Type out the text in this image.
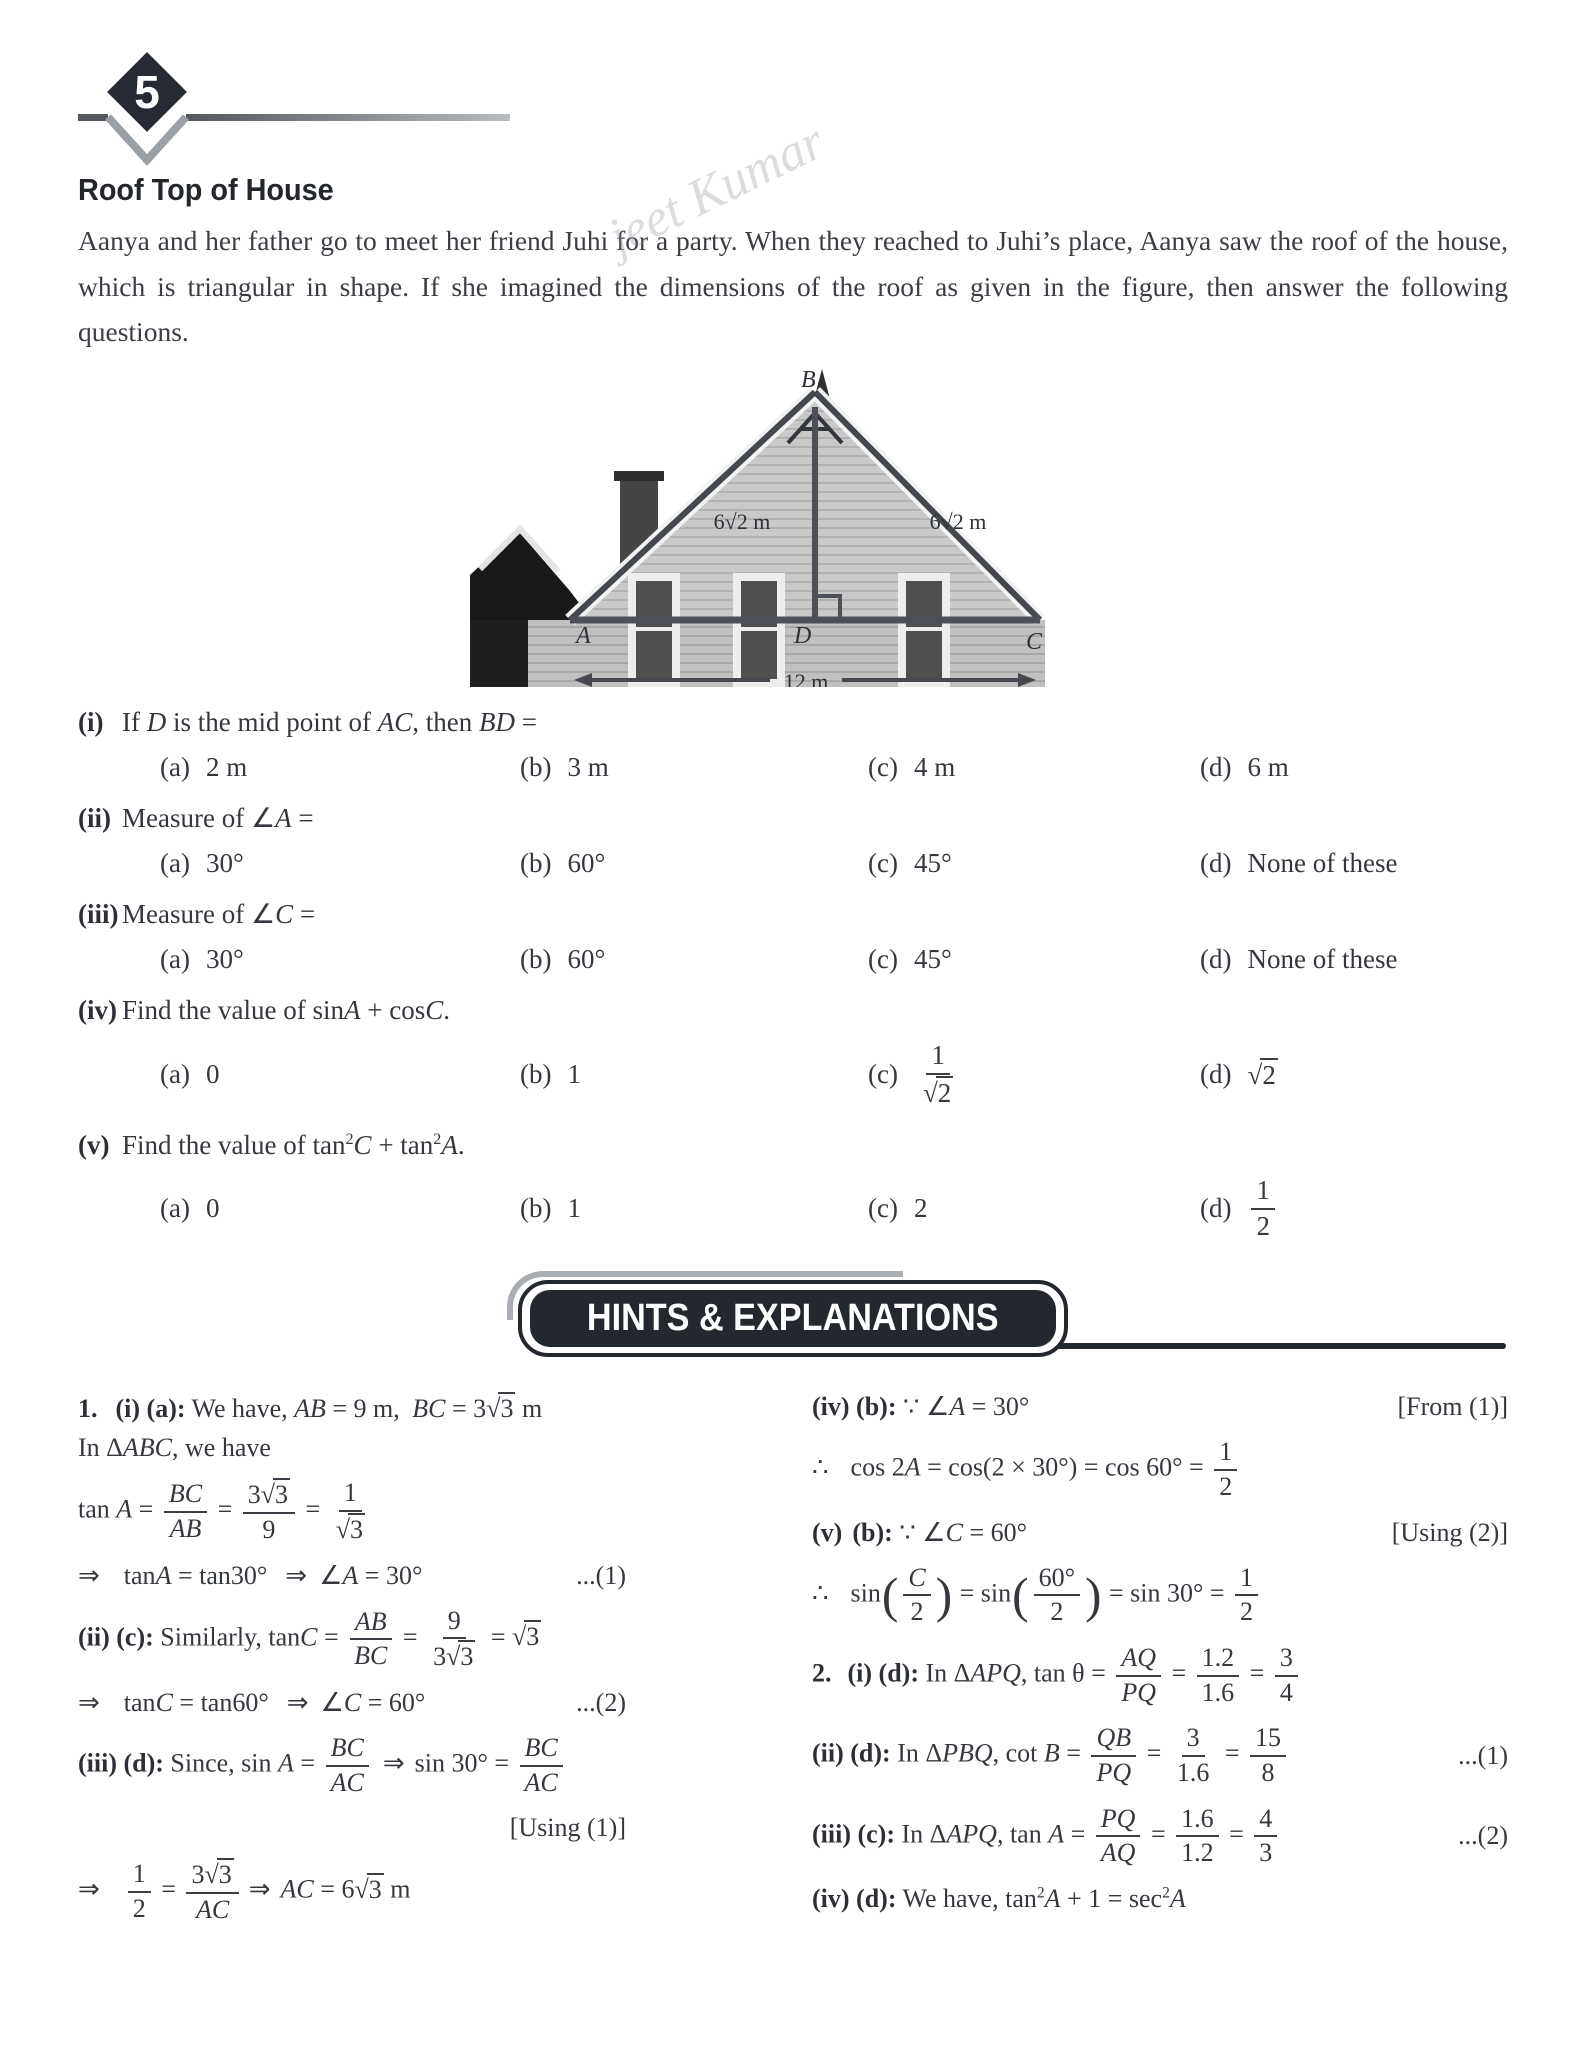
5
Roof Top of House

Aanya and her father go to meet her friend Juhi for a party. When they reached to Juhi’s place, Aanya saw the roof of the house, which is triangular in shape. If she imagined the dimensions of the roof as given in the figure, then answer the following questions.

jeet Kumar
B
A	D	C
6√2 m	6√2 m
12 m
(i) If D is the mid point of AC, then BD =
(a) 2 m	(b) 3 m	(c) 4 m	(d) 6 m
(ii) Measure of ∠A =
(a) 30°	(b) 60°	(c) 45°	(d) None of these
(iii) Measure of ∠C =
(a) 30°	(b) 60°	(c) 45°	(d) None of these
(iv) Find the value of sinA + cosC.
(a) 0	(b) 1	$(c) \frac{1}{√2}$	(d) √2
(v) Find the value of $\tan^2C + \tan^2A$.
(a) 0	(b) 1	(c) 2	$(d) \frac{1}{2}$
HINTS & EXPLANATIONS
1. (i) (a): We have, AB = 9 m, BC = 3√3 m
In ΔABC, we have
$\tan A = \frac{BC}{AB} = \frac{3√3}{9} = \frac{1}{√3}$
⇒ tanA = tan30° ⇒ ∠A = 30°	...(1)
(ii) (c): Similarly, $\tan C = \frac{AB}{BC} = \frac{9}{3√3} = √3$
⇒ tanC = tan60° ⇒ ∠C = 60°	...(2)
(iii) (d): Since, $\sin A = \frac{BC}{AC}$ ⇒ $\sin 30^\circ = \frac{BC}{AC}$
[Using (1)]
⇒ $\frac{1}{2} = \frac{3√3}{AC}$ ⇒ AC = 6√3 m
(iv) (b): ∵ ∠A = 30°	[From (1)]
∴ $\cos 2A = \cos(2 \times 30^\circ) = \cos 60^\circ = \frac{1}{2}$
(v) (b): ∵ ∠C = 60°	[Using (2)]
∴ $\sin( \frac{C}{2}$ ) = $\sin( \frac{60^\circ}{2}$ ) = $\sin 30^\circ = \frac{1}{2}$
2. (i) (d): In ΔAPQ, $\tan \theta = \frac{AQ}{PQ} = \frac{1.2}{1.6} = \frac{3}{4}$
(ii) (d): In ΔPBQ, $\cot B = \frac{QB}{PQ} = \frac{3}{1.6} = \frac{15}{8}$	...(1)
(iii) (c): In ΔAPQ, $\tan A = \frac{PQ}{AQ} = \frac{1.6}{1.2} = \frac{4}{3}$	...(2)
(iv) (d): We have, $\tan^2A + 1 = \sec^2A$
